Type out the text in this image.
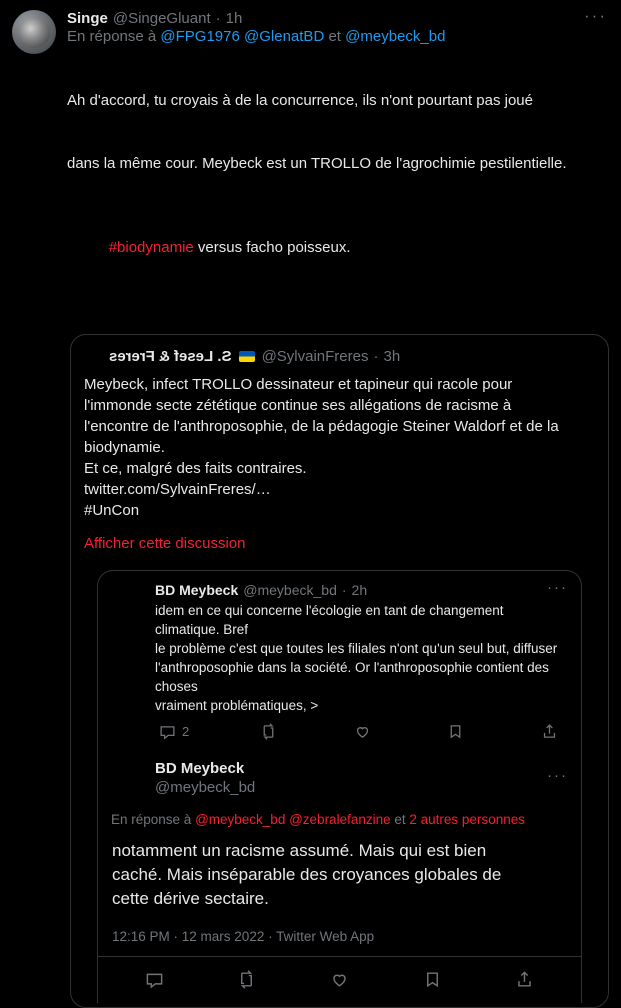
Singe @SingeGluant · 1h	···
En réponse à @FPG1976 @GlenatBD et @meybeck_bd

Ah d'accord, tu croyais à de la concurrence, ils n'ont pourtant pas joué

dans la même cour. Meybeck est un TROLLO de l'agrochimie pestilentielle.

#biodynamie versus facho poisseux.

S. Lesef & Freres @SylvainFreres · 3h
Meybeck, infect TROLLO dessinateur et tapineur qui racole pour
l'immonde secte zététique continue ses allégations de racisme à
l'encontre de l'anthroposophie, de la pédagogie Steiner Waldorf et de la
biodynamie.
Et ce, malgré des faits contraires.
twitter.com/SylvainFreres/…
#UnCon
Afficher cette discussion
BD Meybeck @meybeck_bd · 2h	···
idem en ce qui concerne l'écologie en tant de changement climatique. Bref
le problème c'est que toutes les filiales n'ont qu'un seul but, diffuser
l'anthroposophie dans la société. Or l'anthroposophie contient des choses
vraiment problématiques, >
2
BD Meybeck
@meybeck_bd
···
En réponse à @meybeck_bd @zebralefanzine et 2 autres personnes
notamment un racisme assumé. Mais qui est bien
caché. Mais inséparable des croyances globales de
cette dérive sectaire.
12:16 PM · 12 mars 2022 · Twitter Web App
